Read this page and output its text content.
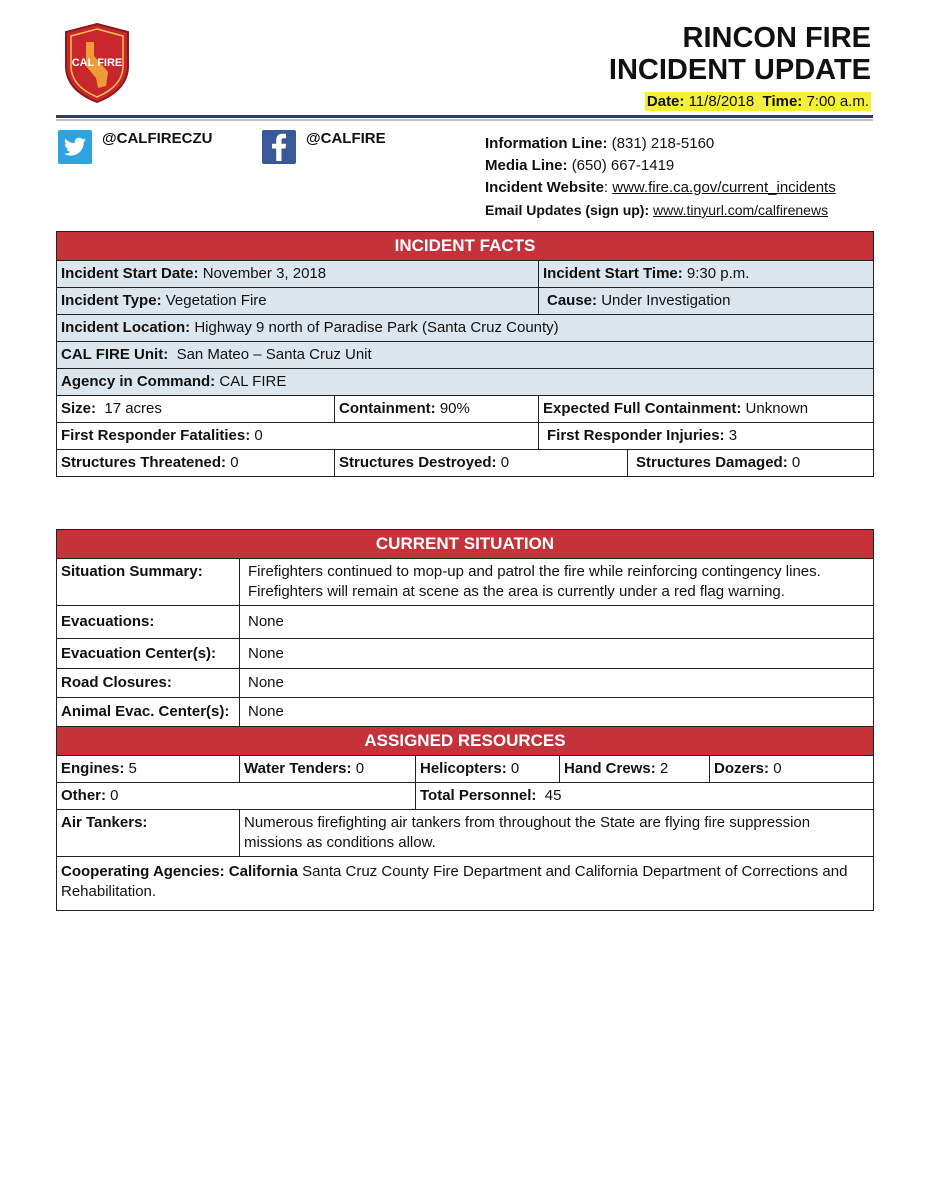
CAL FIRE
RINCON FIRE
INCIDENT UPDATE
Date: 11/8/2018 Time: 7:00 a.m.
@CALFIRECZU	@CALFIRE	Information Line: (831) 218-5160
Media Line: (650) 667-1419
Incident Website: www.fire.ca.gov/current_incidents
Email Updates (sign up): www.tinyurl.com/calfirenews
INCIDENT FACTS			
Incident Start Date: November 3, 2018		Incident Start Time: 9:30 p.m.	
Incident Type: Vegetation Fire		Cause: Under Investigation	
Incident Location: Highway 9 north of Paradise Park (Santa Cruz County)			
CAL FIRE Unit: San Mateo – Santa Cruz Unit			
Agency in Command: CAL FIRE			
Size: 17 acres	Containment: 90%	Expected Full Containment: Unknown	
First Responder Fatalities: 0		First Responder Injuries: 3	
Structures Threatened: 0	Structures Destroyed: 0		Structures Damaged: 0
CURRENT SITUATION				
Situation Summary:	Firefighters continued to mop-up and patrol the fire while reinforcing contingency lines. Firefighters will remain at scene as the area is currently under a red flag warning.			
Evacuations:	None			
Evacuation Center(s):	None			
Road Closures:	None			
Animal Evac. Center(s):	None			
ASSIGNED RESOURCES				
Engines: 5	Water Tenders: 0	Helicopters: 0	Hand Crews: 2	Dozers: 0
Other: 0		Total Personnel: 45		
Air Tankers:	Numerous firefighting air tankers from throughout the State are flying fire suppression missions as conditions allow.			
Cooperating Agencies: California Santa Cruz County Fire Department and California Department of Corrections and Rehabilitation.				
